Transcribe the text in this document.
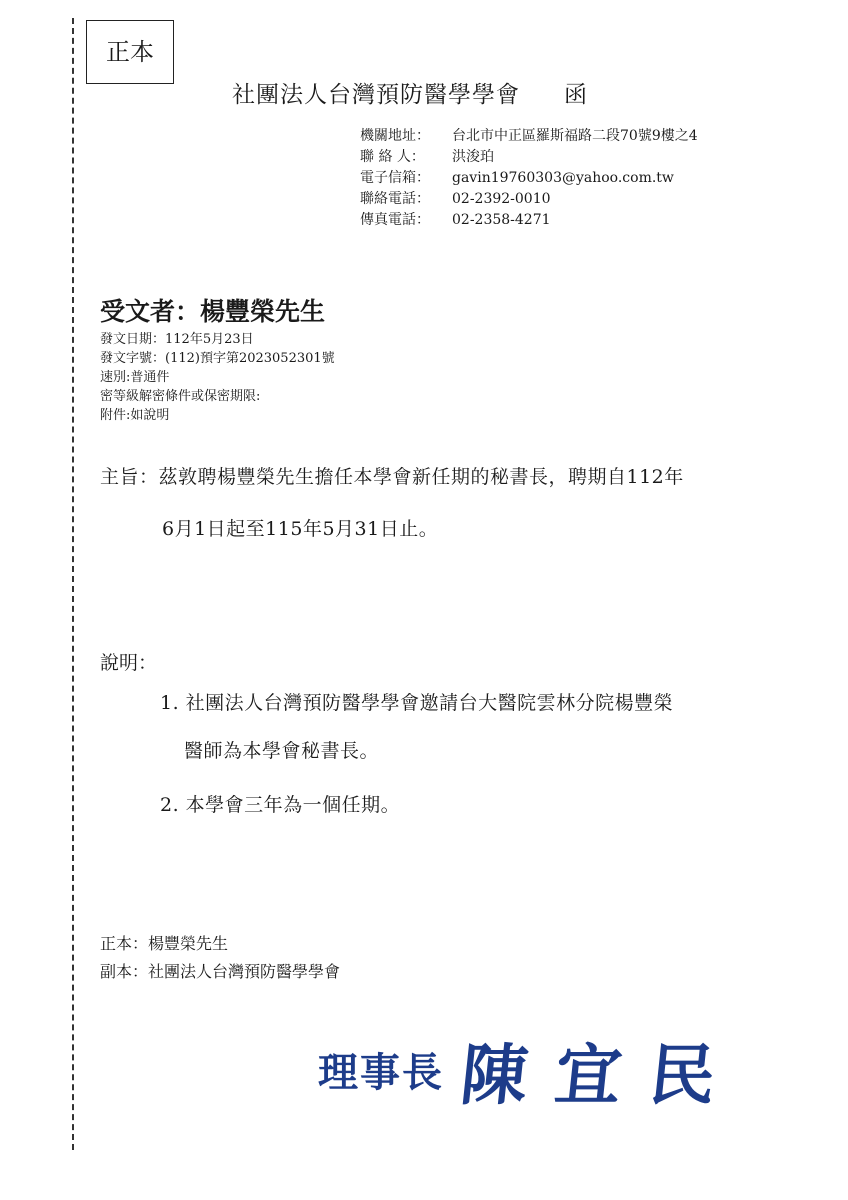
正本
社團法人台灣預防醫學學會 函
機關地址：	台北市中正區羅斯福路二段70號9樓之4
聯 絡 人：	洪浚珀
電子信箱：	gavin19760303@yahoo.com.tw
聯絡電話：	02-2392-0010
傳真電話：	02-2358-4271
受文者：楊豐榮先生
發文日期：112年5月23日
發文字號：(112)預字第2023052301號
速別:普通件
密等級解密條件或保密期限:
附件:如說明
主旨：茲敦聘楊豐榮先生擔任本學會新任期的秘書長，聘期自112年
6月1日起至115年5月31日止。
說明：
1. 社團法人台灣預防醫學學會邀請台大醫院雲林分院楊豐榮
醫師為本學會秘書長。
2. 本學會三年為一個任期。
正本：楊豐榮先生
副本：社團法人台灣預防醫學學會
理事長 陳宜民
